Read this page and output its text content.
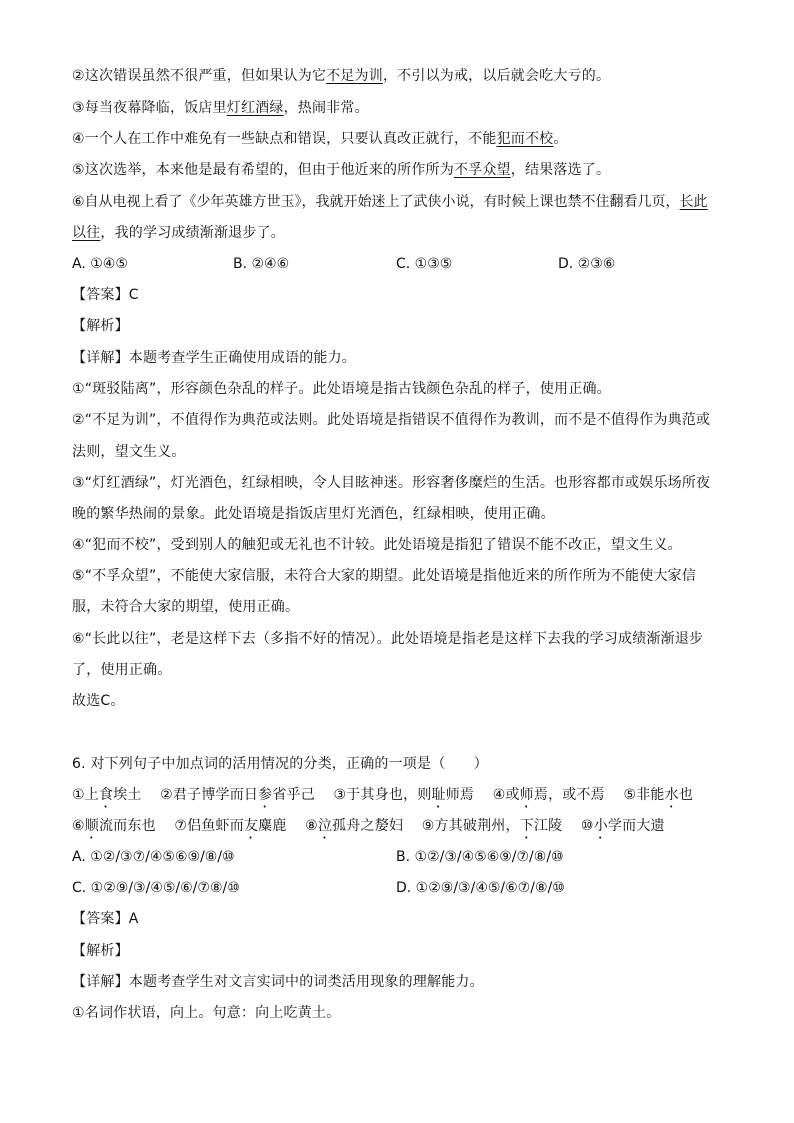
②这次错误虽然不很严重，但如果认为它不足为训，不引以为戒，以后就会吃大亏的。
③每当夜幕降临，饭店里灯红酒绿，热闹非常。
④一个人在工作中难免有一些缺点和错误，只要认真改正就行，不能犯而不校。
⑤这次选举，本来他是最有希望的，但由于他近来的所作所为不孚众望，结果落选了。
⑥自从电视上看了《少年英雄方世玉》，我就开始迷上了武侠小说，有时候上课也禁不住翻看几页，长此
以往，我的学习成绩渐渐退步了。
A. ①④⑤	B. ②④⑥	C. ①③⑤	D. ②③⑥
【答案】C
【解析】
【详解】本题考查学生正确使用成语的能力。
①“斑驳陆离”，形容颜色杂乱的样子。此处语境是指古钱颜色杂乱的样子，使用正确。
②“不足为训”，不值得作为典范或法则。此处语境是指错误不值得作为教训，而不是不值得作为典范或
法则，望文生义。
③“灯红酒绿”，灯光酒色，红绿相映，令人目眩神迷。形容奢侈糜烂的生活。也形容都市或娱乐场所夜
晚的繁华热闹的景象。此处语境是指饭店里灯光酒色，红绿相映，使用正确。
④“犯而不校”，受到别人的触犯或无礼也不计较。此处语境是指犯了错误不能不改正，望文生义。
⑤“不孚众望”，不能使大家信服，未符合大家的期望。此处语境是指他近来的所作所为不能使大家信
服，未符合大家的期望，使用正确。
⑥“长此以往”，老是这样下去（多指不好的情况）。此处语境是指老是这样下去我的学习成绩渐渐退步
了，使用正确。
故选C。
6. 对下列句子中加点词的活用情况的分类，正确的一项是（　　）
①上食埃土 ②君子博学而日参省乎己 ③于其身也，则耻师焉 ④或师焉，或不焉 ⑤非能水也
⑥顺流而东也 ⑦侣鱼虾而友麋鹿 ⑧泣孤舟之嫠妇 ⑨方其破荆州，下江陵 ⑩小学而大遗
A. ①②/③⑦/④⑤⑥⑨/⑧/⑩	B. ①②/③/④⑤⑥⑨/⑦/⑧/⑩
C. ①②⑨/③/④⑤/⑥/⑦⑧/⑩	D. ①②⑨/③/④⑤/⑥⑦/⑧/⑩
【答案】A
【解析】
【详解】本题考查学生对文言实词中的词类活用现象的理解能力。
①名词作状语，向上。句意：向上吃黄土。
